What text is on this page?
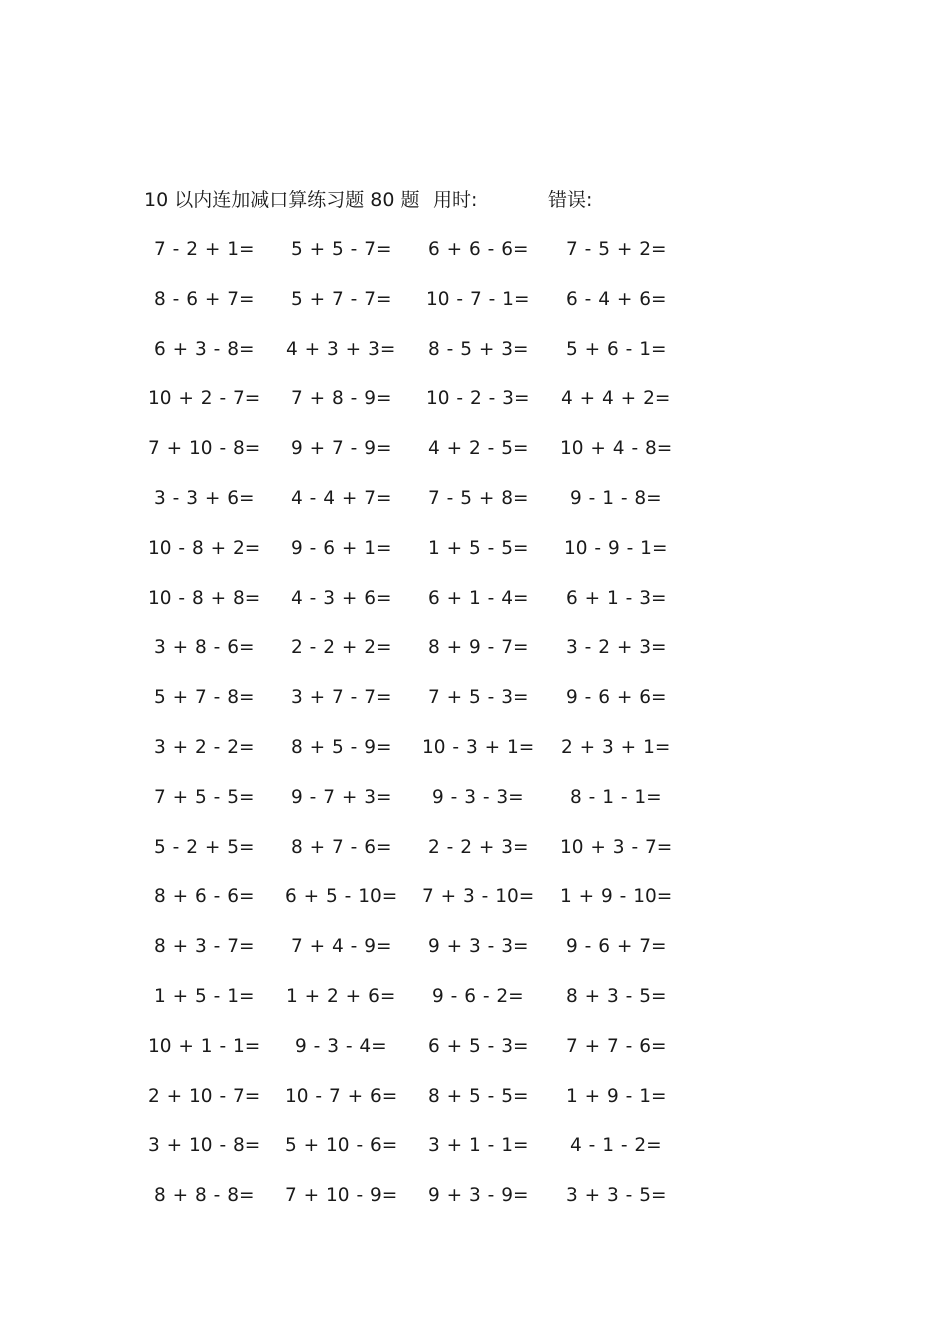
10 以内连加减口算练习题 80 题 用时:	错误:
7 - 2 + 1= 5 + 5 - 7= 6 + 6 - 6= 7 - 5 + 2=
8 - 6 + 7= 5 + 7 - 7= 10 - 7 - 1= 6 - 4 + 6=
6 + 3 - 8= 4 + 3 + 3= 8 - 5 + 3= 5 + 6 - 1=
10 + 2 - 7= 7 + 8 - 9= 10 - 2 - 3= 4 + 4 + 2=
7 + 10 - 8= 9 + 7 - 9= 4 + 2 - 5= 10 + 4 - 8=
3 - 3 + 6= 4 - 4 + 7= 7 - 5 + 8= 9 - 1 - 8=
10 - 8 + 2= 9 - 6 + 1= 1 + 5 - 5= 10 - 9 - 1=
10 - 8 + 8= 4 - 3 + 6= 6 + 1 - 4= 6 + 1 - 3=
3 + 8 - 6= 2 - 2 + 2= 8 + 9 - 7= 3 - 2 + 3=
5 + 7 - 8= 3 + 7 - 7= 7 + 5 - 3= 9 - 6 + 6=
3 + 2 - 2= 8 + 5 - 9= 10 - 3 + 1= 2 + 3 + 1=
7 + 5 - 5= 9 - 7 + 3= 9 - 3 - 3=	8 - 1 - 1=
5 - 2 + 5= 8 + 7 - 6= 2 - 2 + 3= 10 + 3 - 7=
8 + 6 - 6= 6 + 5 - 10= 7 + 3 - 10= 1 + 9 - 10=
8 + 3 - 7= 7 + 4 - 9= 9 + 3 - 3= 9 - 6 + 7=
1 + 5 - 1= 1 + 2 + 6= 9 - 6 - 2= 8 + 3 - 5=
10 + 1 - 1= 9 - 3 - 4= 6 + 5 - 3= 7 + 7 - 6=
2 + 10 - 7= 10 - 7 + 6= 8 + 5 - 5= 1 + 9 - 1=
3 + 10 - 8= 5 + 10 - 6= 3 + 1 - 1= 4 - 1 - 2=
8 + 8 - 8= 7 + 10 - 9= 9 + 3 - 9= 3 + 3 - 5=
